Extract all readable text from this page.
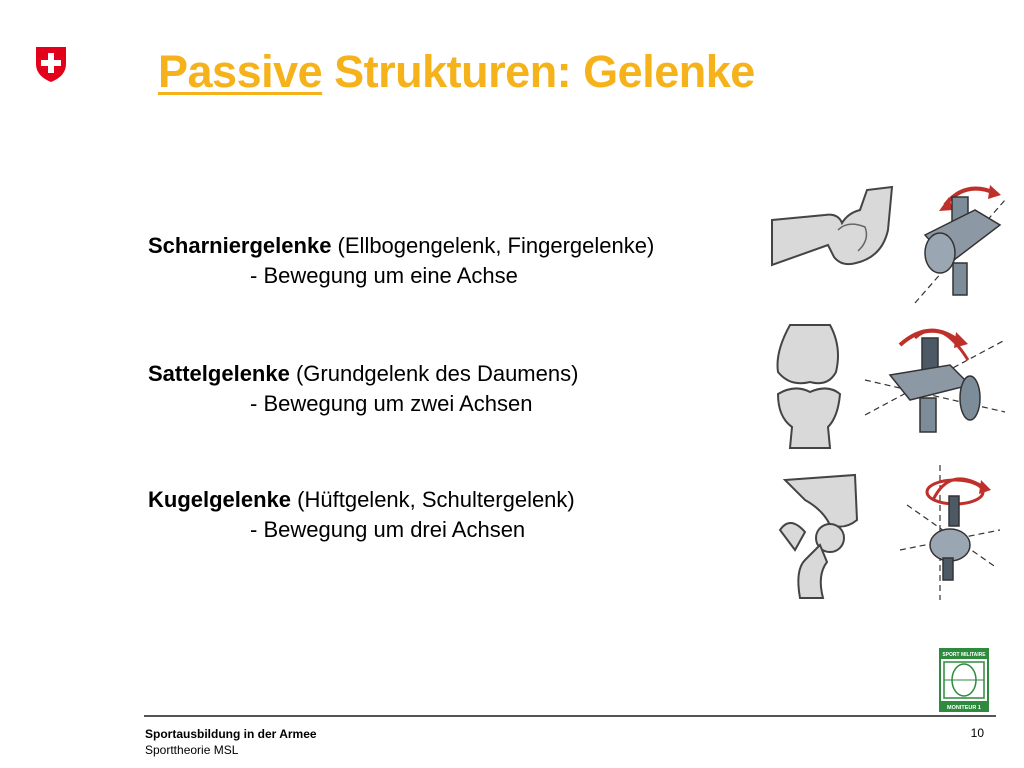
Passive Strukturen: Gelenke
Scharniergelenke (Ellbogengelenk, Fingergelenke)
- Bewegung um eine Achse
Sattelgelenke (Grundgelenk des Daumens)
- Bewegung um zwei Achsen
Kugelgelenke (Hüftgelenk, Schultergelenk)
- Bewegung um drei Achsen
SPORT MILITAIRE
MONITEUR 1
Sportausbildung in der Armee
Sporttheorie MSL
10
